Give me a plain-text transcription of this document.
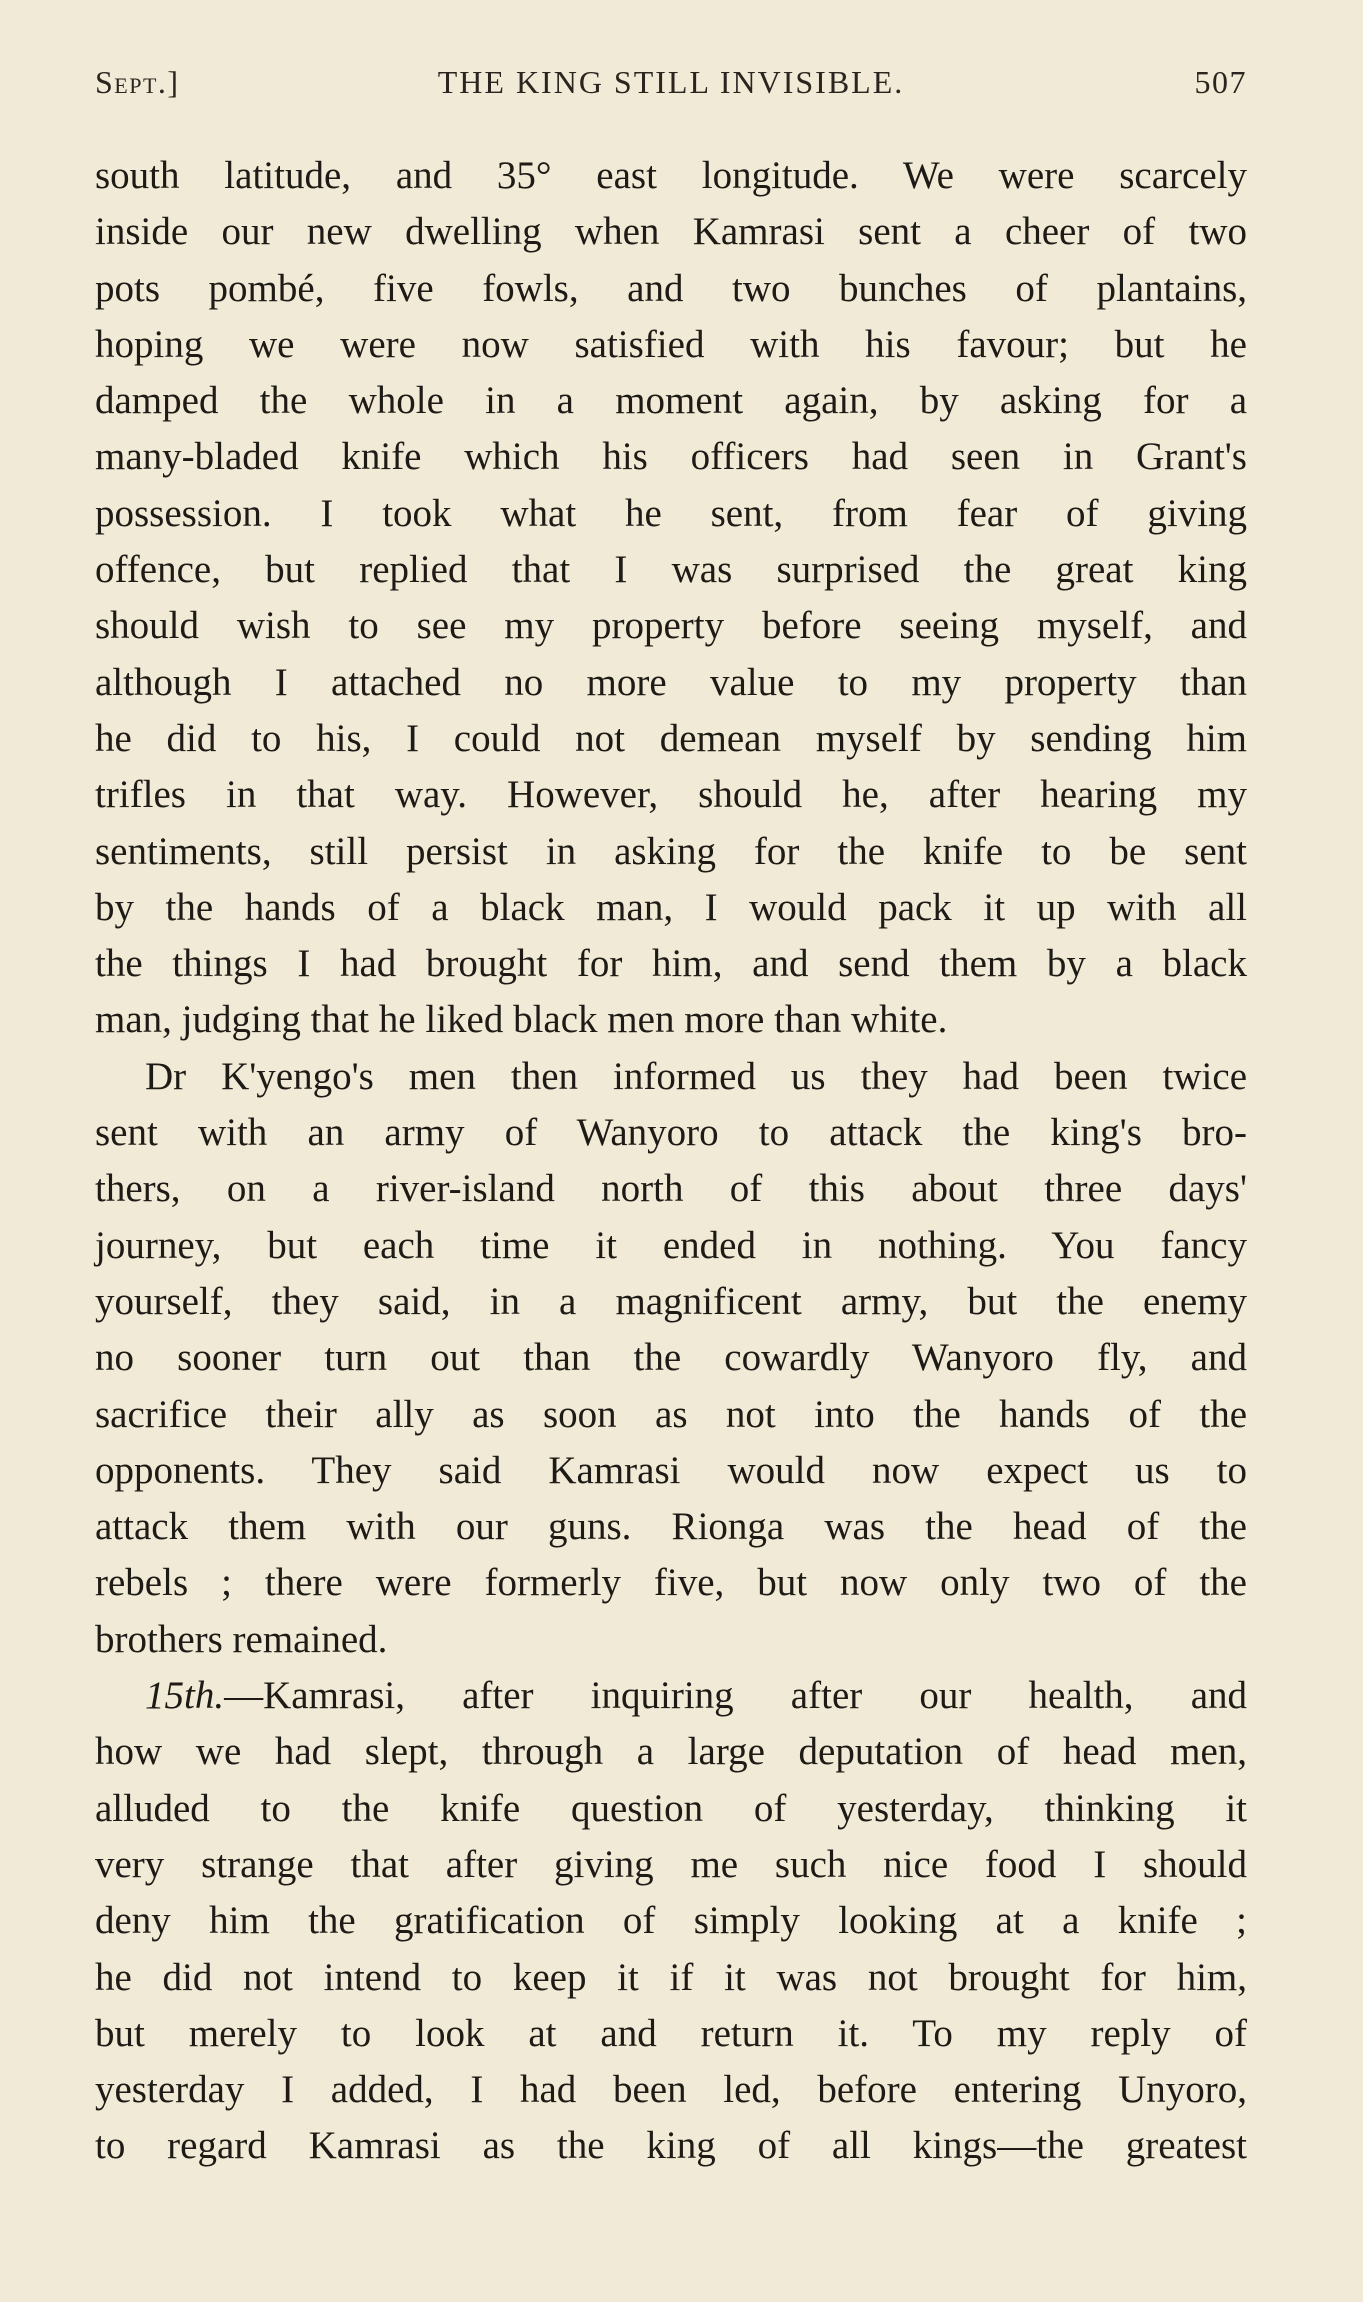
Sept.]	THE KING STILL INVISIBLE.	507
south latitude, and 35° east longitude. We were scarcely
inside our new dwelling when Kamrasi sent a cheer of two
pots pombé, five fowls, and two bunches of plantains,
hoping we were now satisfied with his favour; but he
damped the whole in a moment again, by asking for a
many-bladed knife which his officers had seen in Grant's
possession. I took what he sent, from fear of giving
offence, but replied that I was surprised the great king
should wish to see my property before seeing myself, and
although I attached no more value to my property than
he did to his, I could not demean myself by sending him
trifles in that way. However, should he, after hearing my
sentiments, still persist in asking for the knife to be sent
by the hands of a black man, I would pack it up with all
the things I had brought for him, and send them by a black
man, judging that he liked black men more than white.
Dr K'yengo's men then informed us they had been twice
sent with an army of Wanyoro to attack the king's bro-
thers, on a river-island north of this about three days'
journey, but each time it ended in nothing. You fancy
yourself, they said, in a magnificent army, but the enemy
no sooner turn out than the cowardly Wanyoro fly, and
sacrifice their ally as soon as not into the hands of the
opponents. They said Kamrasi would now expect us to
attack them with our guns. Rionga was the head of the
rebels ; there were formerly five, but now only two of the
brothers remained.
15th.—Kamrasi, after inquiring after our health, and
how we had slept, through a large deputation of head men,
alluded to the knife question of yesterday, thinking it
very strange that after giving me such nice food I should
deny him the gratification of simply looking at a knife ;
he did not intend to keep it if it was not brought for him,
but merely to look at and return it. To my reply of
yesterday I added, I had been led, before entering Unyoro,
to regard Kamrasi as the king of all kings—the greatest
